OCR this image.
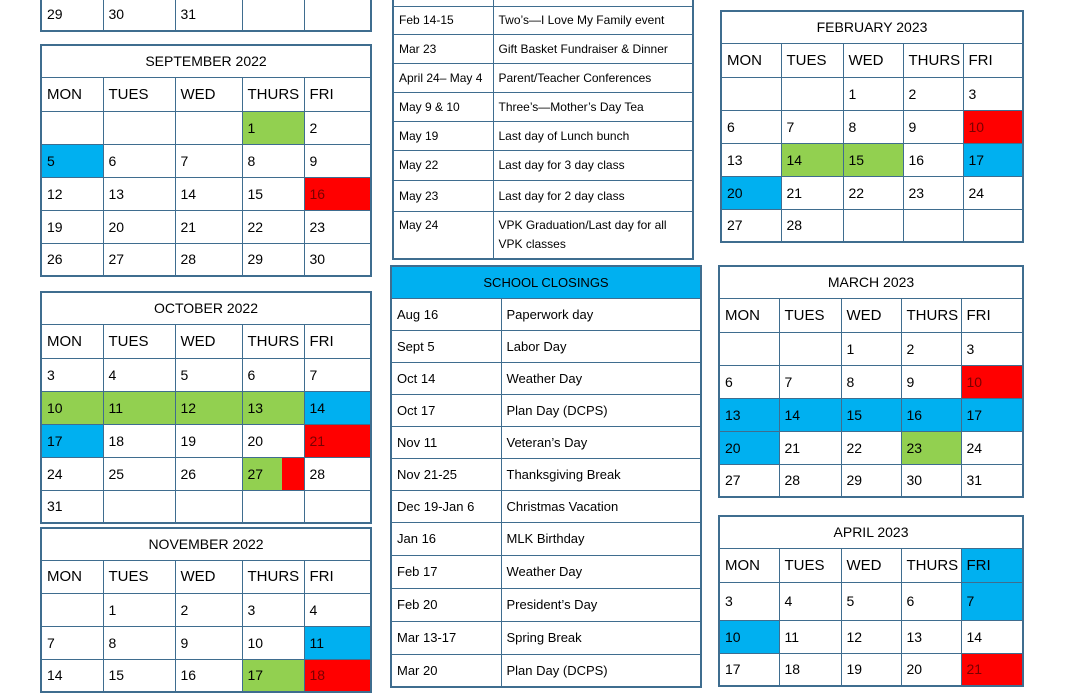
29	30	31		
SEPTEMBER 2022				
MON	TUES	WED	THURS	FRI
			1	2
5	6	7	8	9
12	13	14	15	16
19	20	21	22	23
26	27	28	29	30
OCTOBER 2022				
MON	TUES	WED	THURS	FRI
3	4	5	6	7
10	11	12	13	14
17	18	19	20	21
24	25	26	27	28
31				
NOVEMBER 2022				
MON	TUES	WED	THURS	FRI
	1	2	3	4
7	8	9	10	11
14	15	16	17	18

Feb 14-15	Two’s—I Love My Family event
Mar 23	Gift Basket Fundraiser & Dinner
April 24– May 4	Parent/Teacher Conferences
May 9 & 10	Three’s—Mother’s Day Tea
May 19	Last day of Lunch bunch
May 22	Last day for 3 day class
May 23	Last day for 2 day class
May 24	VPK Graduation/Last day for all VPK classes
SCHOOL CLOSINGS	
Aug 16	Paperwork day
Sept 5	Labor Day
Oct 14	Weather Day
Oct 17	Plan Day (DCPS)
Nov 11	Veteran’s Day
Nov 21-25	Thanksgiving Break
Dec 19-Jan 6	Christmas Vacation
Jan 16	MLK Birthday
Feb 17	Weather Day
Feb 20	President’s Day
Mar 13-17	Spring Break
Mar 20	Plan Day (DCPS)
FEBRUARY 2023				
MON	TUES	WED	THURS	FRI
		1	2	3
6	7	8	9	10
13	14	15	16	17
20	21	22	23	24
27	28			
MARCH 2023				
MON	TUES	WED	THURS	FRI
		1	2	3
6	7	8	9	10
13	14	15	16	17
20	21	22	23	24
27	28	29	30	31
APRIL 2023				
MON	TUES	WED	THURS	FRI
3	4	5	6	7
10	11	12	13	14
17	18	19	20	21
